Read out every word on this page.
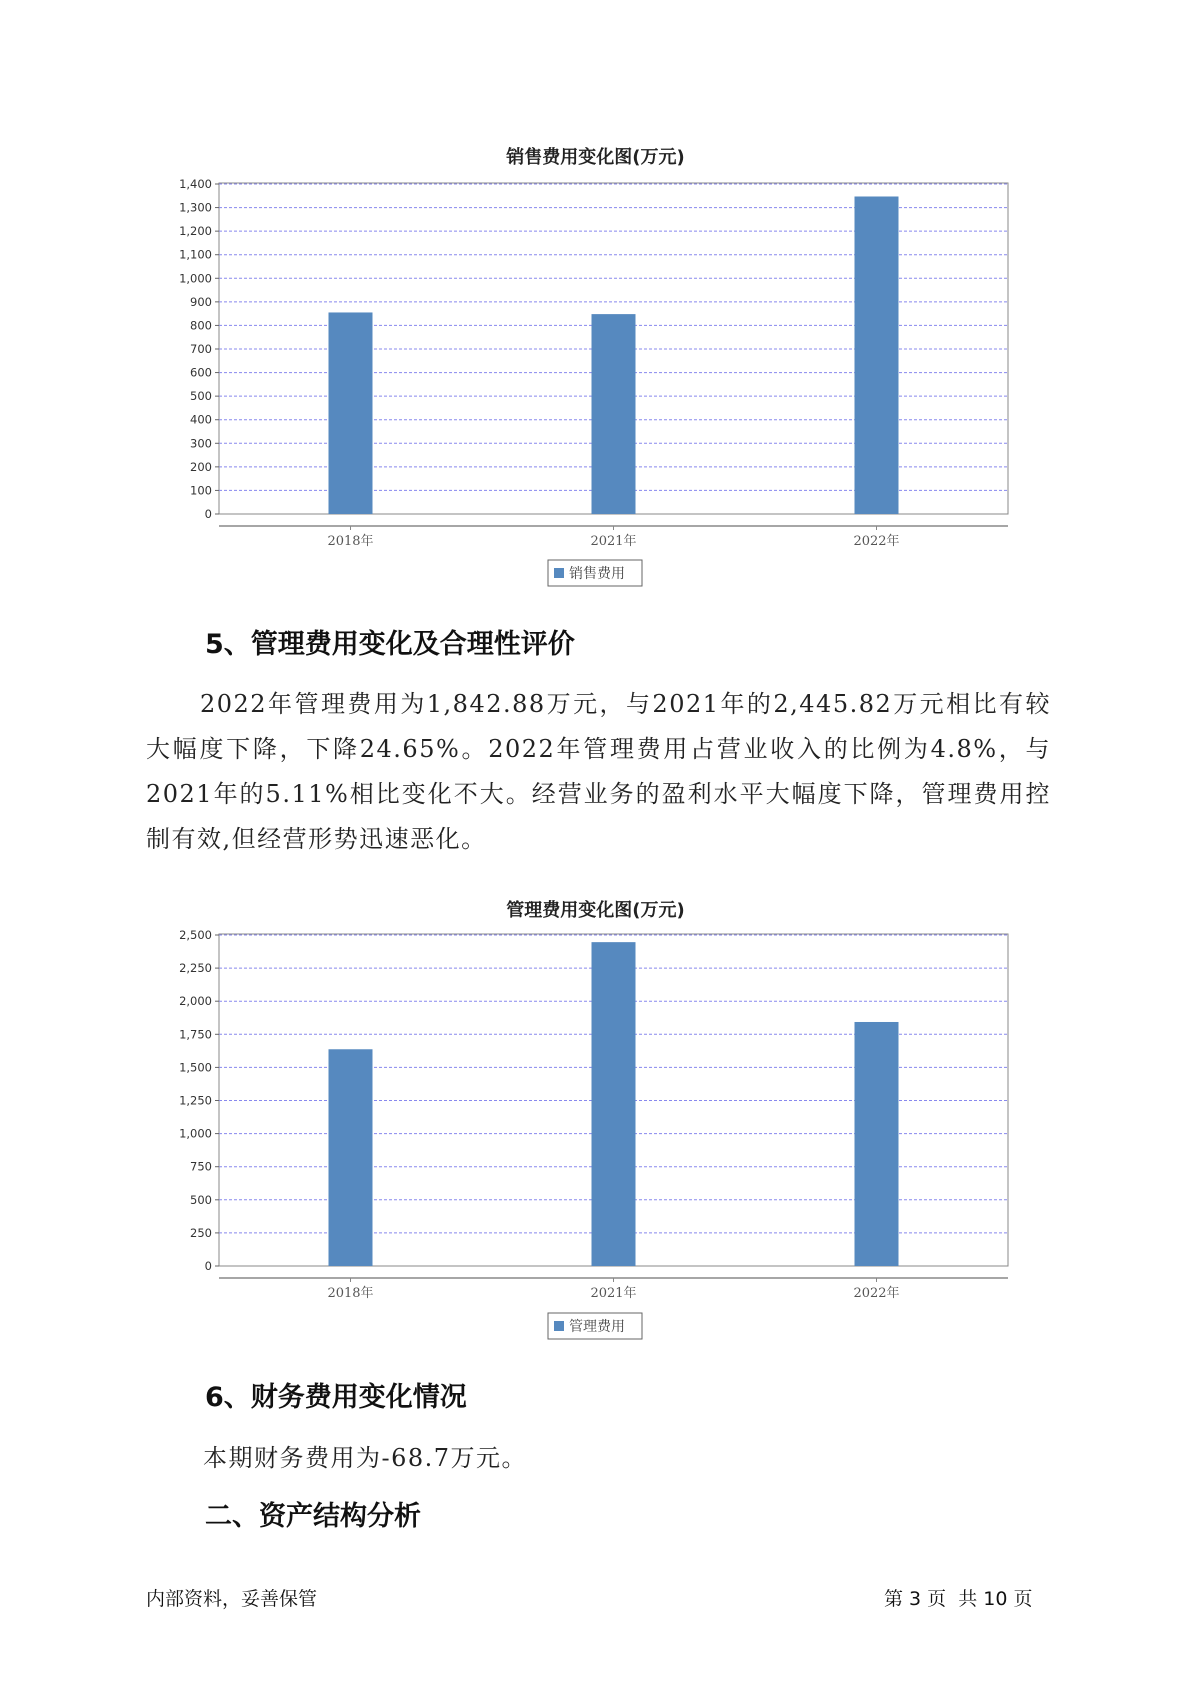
销售费用变化图(万元)
0
100
200
300
400
500
600
700
800
900
1,000
1,100
1,200
1,300
1,400
2018年	2021年	2022年
销售费用
5、管理费用变化及合理性评价

2022年管理费用为1,842.88万元，与2021年的2,445.82万元相比有较大幅度下降，下降24.65%。2022年管理费用占营业收入的比例为4.8%，与2021年的5.11%相比变化不大。经营业务的盈利水平大幅度下降，管理费用控制有效,但经营形势迅速恶化。

管理费用变化图(万元)
0
250
500
750
1,000
1,250
1,500
1,750
2,000
2,250
2,500
2018年	2021年	2022年
管理费用
6、财务费用变化情况
本期财务费用为-68.7万元。
二、资产结构分析
内部资料，妥善保管	第 3 页  共 10 页
